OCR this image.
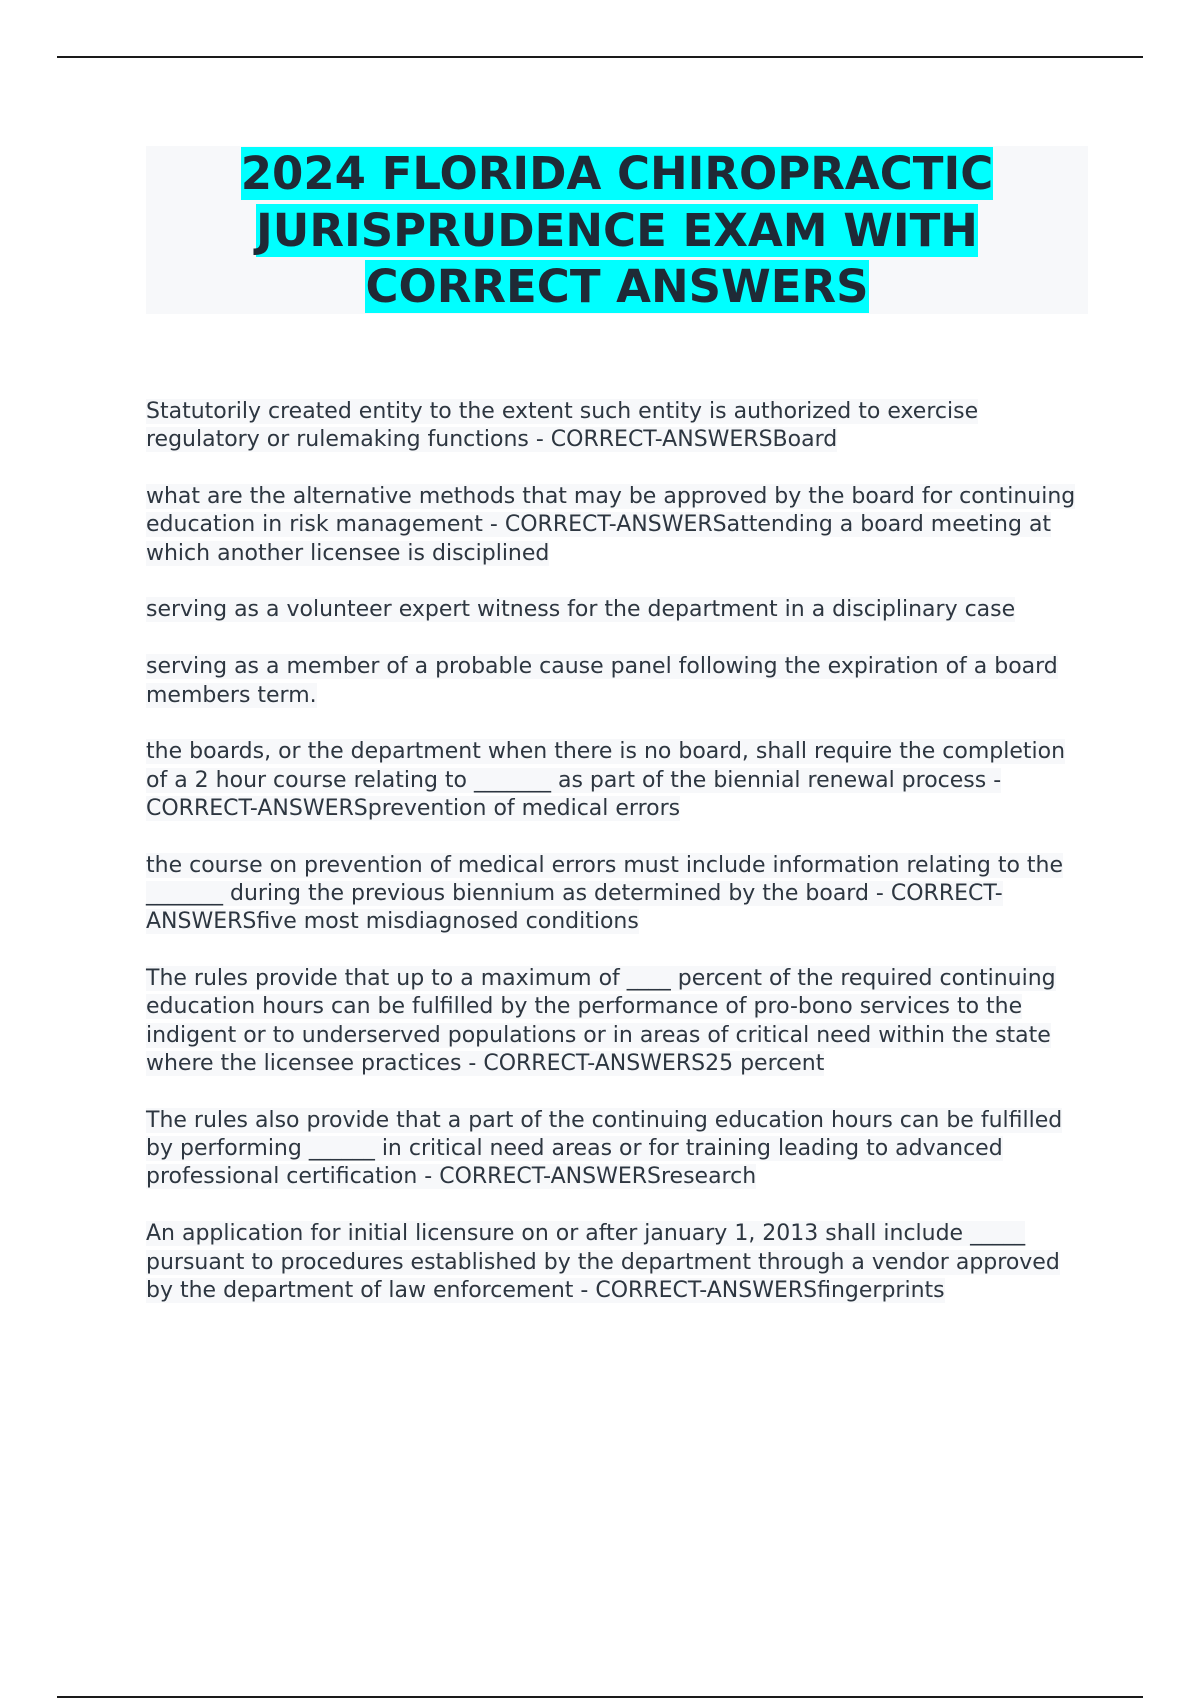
2024 FLORIDA CHIROPRACTIC JURISPRUDENCE EXAM WITH CORRECT ANSWERS

Statutorily created entity to the extent such entity is authorized to exercise regulatory or rulemaking functions - CORRECT-ANSWERSBoard

what are the alternative methods that may be approved by the board for continuing education in risk management - CORRECT-ANSWERSattending a board meeting at which another licensee is disciplined

serving as a volunteer expert witness for the department in a disciplinary case

serving as a member of a probable cause panel following the expiration of a board members term.

the boards, or the department when there is no board, shall require the completion of a 2 hour course relating to _______ as part of the biennial renewal process - CORRECT-ANSWERSprevention of medical errors

the course on prevention of medical errors must include information relating to the _______ during the previous biennium as determined by the board - CORRECT-ANSWERSfive most misdiagnosed conditions

The rules provide that up to a maximum of ____ percent of the required continuing education hours can be fulfilled by the performance of pro-bono services to the indigent or to underserved populations or in areas of critical need within the state where the licensee practices - CORRECT-ANSWERS25 percent

The rules also provide that a part of the continuing education hours can be fulfilled by performing ______ in critical need areas or for training leading to advanced professional certification - CORRECT-ANSWERSresearch

An application for initial licensure on or after january 1, 2013 shall include _____ pursuant to procedures established by the department through a vendor approved by the department of law enforcement - CORRECT-ANSWERSfingerprints
